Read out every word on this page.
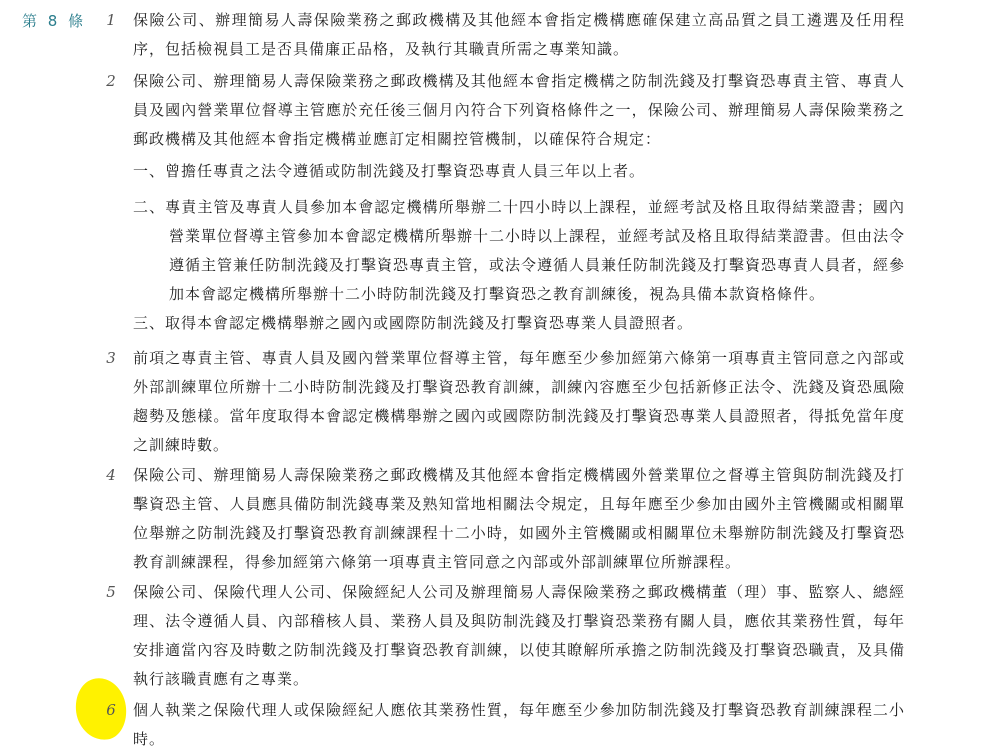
第 8 條 1 保險公司、辦理簡易人壽保險業務之郵政機構及其他經本會指定機構應確保建立高品質之員工遴選及任用程序，包括檢視員工是否具備廉正品格，及執行其職責所需之專業知識。
2 保險公司、辦理簡易人壽保險業務之郵政機構及其他經本會指定機構之防制洗錢及打擊資恐專責主管、專責人員及國內營業單位督導主管應於充任後三個月內符合下列資格條件之一，保險公司、辦理簡易人壽保險業務之郵政機構及其他經本會指定機構並應訂定相關控管機制，以確保符合規定：
一、曾擔任專責之法令遵循或防制洗錢及打擊資恐專責人員三年以上者。
二、專責主管及專責人員參加本會認定機構所舉辦二十四小時以上課程，並經考試及格且取得結業證書；國內營業單位督導主管參加本會認定機構所舉辦十二小時以上課程，並經考試及格且取得結業證書。但由法令遵循主管兼任防制洗錢及打擊資恐專責主管，或法令遵循人員兼任防制洗錢及打擊資恐專責人員者，經參加本會認定機構所舉辦十二小時防制洗錢及打擊資恐之教育訓練後，視為具備本款資格條件。
三、取得本會認定機構舉辦之國內或國際防制洗錢及打擊資恐專業人員證照者。
3 前項之專責主管、專責人員及國內營業單位督導主管，每年應至少參加經第六條第一項專責主管同意之內部或外部訓練單位所辦十二小時防制洗錢及打擊資恐教育訓練，訓練內容應至少包括新修正法令、洗錢及資恐風險趨勢及態樣。當年度取得本會認定機構舉辦之國內或國際防制洗錢及打擊資恐專業人員證照者，得抵免當年度之訓練時數。
4 保險公司、辦理簡易人壽保險業務之郵政機構及其他經本會指定機構國外營業單位之督導主管與防制洗錢及打擊資恐主管、人員應具備防制洗錢專業及熟知當地相關法令規定，且每年應至少參加由國外主管機關或相關單位舉辦之防制洗錢及打擊資恐教育訓練課程十二小時，如國外主管機關或相關單位未舉辦防制洗錢及打擊資恐教育訓練課程，得參加經第六條第一項專責主管同意之內部或外部訓練單位所辦課程。
5 保險公司、保險代理人公司、保險經紀人公司及辦理簡易人壽保險業務之郵政機構董（理）事、監察人、總經理、法令遵循人員、內部稽核人員、業務人員及與防制洗錢及打擊資恐業務有關人員，應依其業務性質，每年安排適當內容及時數之防制洗錢及打擊資恐教育訓練，以使其瞭解所承擔之防制洗錢及打擊資恐職責，及具備執行該職責應有之專業。
6 個人執業之保險代理人或保險經紀人應依其業務性質，每年應至少參加防制洗錢及打擊資恐教育訓練課程二小時。
